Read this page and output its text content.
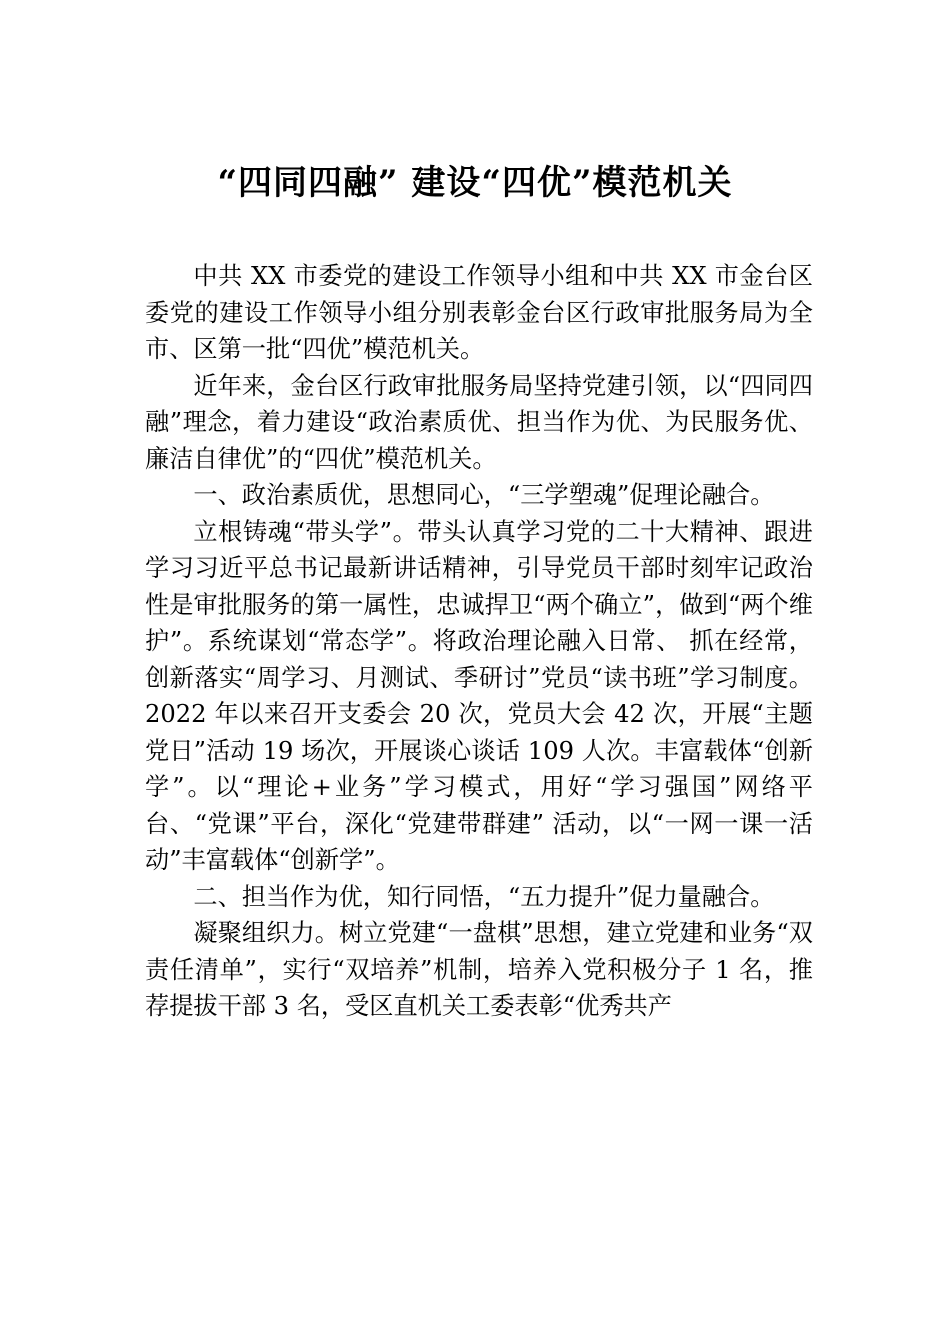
“四同四融” 建设“四优”模范机关

中共 XX 市委党的建设工作领导小组和中共 XX 市金台区委党的建设工作领导小组分别表彰金台区行政审批服务局为全市、区第一批“四优”模范机关。

近年来，金台区行政审批服务局坚持党建引领，以“四同四融”理念，着力建设“政治素质优、担当作为优、为民服务优、廉洁自律优”的“四优”模范机关。

一、政治素质优，思想同心，“三学塑魂”促理论融合。

立根铸魂“带头学”。带头认真学习党的二十大精神、跟进学习习近平总书记最新讲话精神，引导党员干部时刻牢记政治性是审批服务的第一属性，忠诚捍卫“两个确立”，做到“两个维护”。系统谋划“常态学”。将政治理论融入日常、 抓在经常，创新落实“周学习、月测试、季研讨”党员“读书班”学习制度。2022 年以来召开支委会 20 次，党员大会 42 次，开展“主题党日”活动 19 场次，开展谈心谈话 109 人次。丰富载体“创新学”。以“理论+业务”学习模式，用好“学习强国”网络平台、“党课”平台，深化“党建带群建” 活动，以“一网一课一活动”丰富载体“创新学”。

二、担当作为优，知行同悟，“五力提升”促力量融合。

凝聚组织力。树立党建“一盘棋”思想，建立党建和业务“双责任清单”，实行“双培养”机制，培养入党积极分子 1 名，推荐提拔干部 3 名，受区直机关工委表彰“优秀共产
